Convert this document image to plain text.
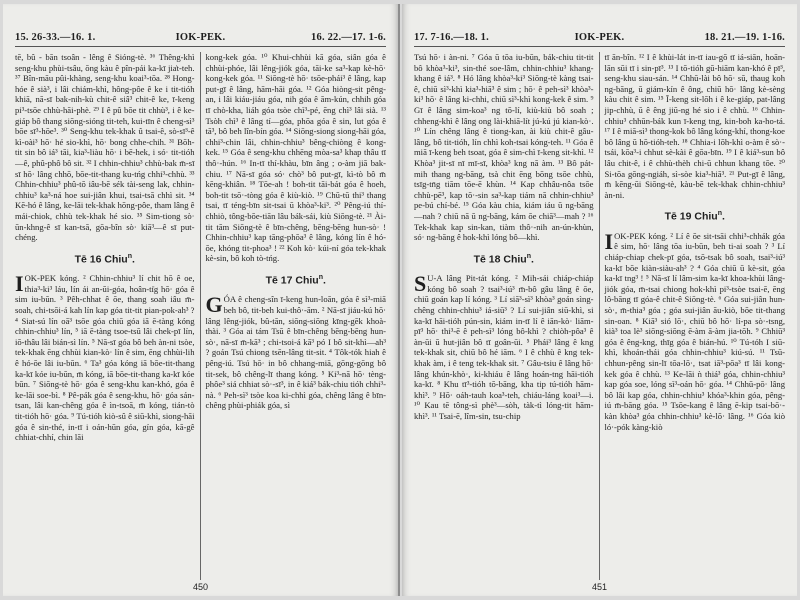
15. 26-33.—16. 1.	IOK-PEK.	16. 22.—17. 1-6.

tē, bû - bān tsoân - lêng ê Sióng-tè. ³⁶ Thêng-khì seng-khu phùi-tsâu, ōng kàu ê pîn-pái ka-kī jia̍t-teh. ³⁷ Bîn-māu pûi-khàng, seng-khu koai³-tōa. ²⁸ Hong-hóe ê sià³, i lâi chiám-khì, hông-pôe ê ke i tit-tióh khiā, nā-sī bak-nih-kù chit-ê siâ³ chit-ê ke, ī-keng pi³-tsōe chhù-hāi-phè. ²⁹ I ê pû bōe tit chhù³, i ê ke-giáp bô thang siōng-sióng tit-teh, kui-tīn ê cheng-sì³ bōe sī³-hōe³. ³⁰ Seng-khu tek-khak û tsai-ê, sò-sī³-ê kì-oài³ hō· hé sio-khì, hō· bong chhe-chih. ³¹ Bōh-tit sin bô iá³ tāi, kia³-liàu hō· i bē-hek, i só· tit-tióh—ê, phû-phô bô sit. ³² I chhin-chhiu³ chhù-bak m̄-sī sī hō· lâng chhō, bōe-tit-thang ku-tńg chhi³-chhù. ³³ Chhin-chhiu³ phû-tō iâu-bē sék tài-seng lak, chhin-chhiu³ ka³-ná hoe sui-jiân khui, tsai-tsā chhì sit. ³⁴ Kē-hó ê lâng, ke-lāi tek-khak hōng-pôe, tham lâng ê mái-chiok, chhù tek-khak hé sio. ³⁵ Sim-tiong sò· ūn-khng-ê sī kan-tsā, gōa-bîn sò· kiā³—ê sī put-chéng.

Tē 16 Chiu$^n$.

IOK-PEK kóng. ² Chhin-chhiu³ lí chit hō ê oe, thia³-ki³ láu, lín ái an-ūi-góa, hoân-ti̍g hō· góa ê sim iu-būn. ³ Pêh-chhat ê ōe, thang soah iâu m̄-soah, chi-tsōi-á kah lín kap góa tit-tit pian-pok-ah³ ? ⁴ Siat-sú lín oā³ tsōe góa chiū góa iā ē-tàng kóng chhin-chhiu³ lín, ⁵ iā ē-tàng tsoe-tsū lâi chek-pī lín, iō-thâu lâi bián-sì lín. ⁵ Nā-sī góa bô beh àn-ni tsòe, tek-khak ēng chhùi kian-kò· lín ê sim, ēng chhùi-lih ê hó-ōe lâi iu-būn. ⁶ Ta³ góa kóng iā bōe-tit-thang ka-kī kóe iu-būn, m̄ kóng, iā bōe-tit-thang ka-kī kóe būn. ⁷ Siōng-tè hō· góa ê seng-khu kan-khó, góa ê ke-lāi soe-bì. ⁸ Pê-pák góa ê seng-khu, hō· góa sán-tsan, lâi kan-chêng góa ê ìn-tsoā, m̄ kóng, tián-tò tit-tióh hō· góa. ⁹ Tú-tióh kiò-sû ê siū-khì, siong-hāi góa ê sin-thé, in-tī i oán-hūn góa, gín góa, kā-gê chhiat-chhí, chin lāi

kong-kek góa. ¹⁰ Khui-chhùi kā góa, siân góa ê chhùi-phóe, lâi lêng-jiók góa, tāi-ke sa³-kap kè-hō· kong-kek góa. ¹¹ Siōng-tè hō· tsōe-phái³ ê lâng, kap put-gī ê lâng, hām-hāi góa. ¹² Góa hiòng-sit pêng-an, i lâi kiáu-jiáu góa, nih góa ê ām-kún, chhih góa tī chò-kha, liáh góa tsòe chì³-pé, ēng chì³ lâi sià. ¹³ Tsòh chì³ ê lâng tí—góa, phōa góa ê sin, lut góa ê tā³, bô beh lîn-bín góa. ¹⁴ Siōng-siong siong-hāi góa, chhi³-chin lâi, chhin-chhiu³ bêng-chiòng ê kong-kek. ¹⁵ Góa ê seng-khu chhēng mòa-sa³ khap thâu tī thô·-hún. ¹⁶ In-tī thí-khàu, bīn âng ; o-àm jiā bak-chiu. ¹⁷ Nā-sī góa só· chò³ bô put-gī, kì-tò bô m̄ kēng-khiân. ¹⁸ Tōe-ah ! boh-tit tāi-bát góa ê hoeh, boh-tit tsō·-tòng góa ê kiù-kiò. ¹⁹ Chū-tū thi³ thang tsai, tī téng-bīn sit-tsai ū khòa³-ki³. ²⁰ Pêng-iú thí-chhiò, tông-bōe-tiān lâu bák-sái, kiù Siōng-tè. ²¹ Ài-tit tām Siōng-tè ê bīn-chêng, bēng-bēng hun-sò· ! Chhin-chhiu³ kap tāng-phōa³ ê lâng, kóng lín ê hó-ōe, khóng tit-phoa³ ! ²² Koh kò· kúi-ní góa tek-khak kè-sin, bô koh tò-tńg.

Tē 17 Chiu$^n$.

GÓA ê cheng-sîn ī-keng hun-loān, góa ê sì³-miā beh bô, tit-beh kui-thô·-ām. ² Nā-sī jiáu-kú hō· lâng lêng-jiók, bû-tān, siōng-siōng kīng-gēk khoà-thài. ³ Góa ai tám Tsū ê bīn-chêng bēng-bēng hun-sò·, nā-sī m̄-kā³ ; chi-tsoi-á kā³ pó I bô sit-khì—ah³ ? goán Tsú chiong tsēn-lâng tit-sit. ⁴ Tôk-tók hiah ê pêng-iú. Tsú hō· in bô chhang-miā, gōng-gōng bô tit-sek, bô chêng-lī thang kóng. ⁵ Ki³-nā hō· tèng-phôe³ siá chhiat sò·-sī³, in ê kiá³ bák-chiu tióh chhi³-nà. ⁶ Peh-sì³ tsòe koa ki-chhì góa, chêng lâng ê bīn-chêng phùi-phiák góa, sì

450
17. 7-16.—18. 1.	IOK-PEK.	18. 21.—19. 1-16.

Tsú hō· i àn-ni. ⁷ Góa ū tōa iu-būn, bák-chiu tit-tit bô khòa³-ki³, sin-thé soe-lâm, chhin-chhiu³ khang-khang ê iá³. ⁸ Hó lâng khòa³-ki³ Siōng-tè kàng tsai-ê, chiū sì³-khì kia³-hiā³ ê sim ; hō· ê peh-sì³ khòa³-ki³ hō· ê lâng ki-chhi, chiū sì³-khì kong-kek ê sim. ⁹ Gī ê lâng sim-koa³ ng tō-lí, kiù-kiù bô soah ; chheng-khì ê lâng ong lài-khiā-lít jú-kú jú kian-kò·. ¹⁰ Lín chêng lâng ê tiong-kan, ài kiù chit-ê gâu-lâng, bô tit-tióh, lín chhì koh-tsai kóng-teh. ¹¹ Góa ê miā ī-keng beh tsoat, góa ê sim-chì ī-keng sit-khì. ¹² Khòa³ jit-sī nī mī-sī, khòa³ kng nā àm. ¹³ Bô pát-mih thang ng-bāng, tsà chit ēng bōng tsōe chhù, tsīg-tn̄g tiām tōe-ē khùn. ¹⁴ Kap chhâu-nôa tsōe chhù-pē³, kap tō·-sin sa³-kap tiám nā chhin-chhiu³ pe-bú chí-bé. ¹⁵ Góa kàu chia, kiám iáu ū ng-bāng—nah ? chiū nā ū ng-bāng, kám ōe chiā³—mah ? ¹⁶ Tek-khak kap sin-kan, tiàm thô·-nih an-ún-khùn, só· ng-bāng ê hok-khì lóng bô—khì.

Tē 18 Chiu$^n$.

S U-A lâng Pit-tát kóng. ² Mih-sái chiáp-chiáp kóng bô soah ? tsai³-iú³ m̄-bô gâu lâng ê ōe, chiū goán kap lí kóng. ³ Lí siā³-sì³ khòa³ goán sìng-chêng chhin-chhiu³ iá-siū³ ? Lí sui-jiân siū-khì, si ka-kī hāi-tióh pún-sin, kiám in-tī lí ê iān-kò· liām-pī³ hō· thi³-ē ê peh-sì³ lóng bô-khì ? chiòh-pôa³ ê àn-ūi ū hut-jiân bô tī goân-ūi. ⁵ Phái³ lâng ê kng tek-khak sit, chiū bô hé iām. ⁶ I ê chhù ê kng tek-khak àm, i ê teng tek-khak sit. ⁷ Gâu-tsiu ê lâng hō· lâng khún-khò·, ki-khiáu ê lâng hoán-tng hāi-tióh ka-kī. ⁸ Khu tī³-tióh tō-bāng, kha tip tú-tióh hām-khì³. ⁹ Hō· oáh-tauh koa³-teh, chiáu-láng koai³—i. ¹⁰ Kau tē tông-sì phè³—sòh, tàk-tì lóng-tit hām-khì³. ¹¹ Tsai-ē, lîm-sin, tsu-chip

tī ān-bîn. ¹² I ê khùi-lát in-tī iau-gō tī iá-siān, hoān-lān sūi tī i sin-pī³. ¹³ I tō-tióh gū-hiām kan-khó ê pī³, seng-khu siau-sán. ¹⁴ Chhū-lài bô hō· sū, thaug koh ng-bāng, ū giám-kín ê ông, chiū hō· lâng kè-sèng kàu chit ê sim. ¹⁵ Ī-keng sit-lōh i ê ke-giáp, pat-lâng jip-chhù, ū ê êng jiū-ng hé sio i ê chhù. ¹⁶ Chhin-chhiu³ chhūn-bák kun ī-keng tng, kin-boh ka-ho-tá. ¹⁷ I ê miā-sì³ thong-kok bô lâng kóng-khí, thong-koe bô lâng ū hō-tióh-teh. ¹⁸ Chhia-i lōh-khì o-àm ê sò·-tsái, kōa³-i chhut sè-kài ê gōa-bīn. ¹⁹ I ê kiá³-sun bô lâu chit-ê, i ê chhù-thèh chi-ū chhun khang tōe. ²⁰ Si-tōa gōng-ngiáh, sì-sòe kia³-hiā³. ²¹ Put-gī ê lâng, m̄ kēng-ūi Siōng-tè, kàu-bē tek-khak chhin-chhiu³ àn-ni.

Tē 19 Chiu$^n$.

IOK-PEK kóng. ² Lí ê ōe sit-tsāi chhi³-chhák góa ê sim, hō· lâng tōa iu-būn, beh ti-ai soah ? ³ Lí chiáp-chiap chek-pī góa, tsō-tsak bô soah, tsai³-iú³ ka-kī bōe kiàn-siàu-ah³ ? ⁴ Góa chiū ū kè-sit, góa ka-kī tng³ ! ⁵ Nā-sī lí lâm-sim ka-kī khoa-khùi lâng-jiók góa, m̄-tsai chiong hok-khì pi³-tsòe tsai-ē, ēng lô-bāng tī góa-ê chit-ê Siōng-tè. ⁶ Góa sui-jiân hun-sò·, m̄-thia³ góa ; góa sui-jiân āu-kiò, bōe tit-thang sin-oan. ⁸ Kiā³ sió lō·, chiū bô hō· lí-pa sò·-tsng, kià³ toa lè³ siōng-siōng ē-àm ā-àm jia-tōh. ⁹ Chhiū³ góa ê êng-kng, thīg góa ê bián-hú. ¹⁰ Tú-tóh I siū-khì, khoán-thái góa chhin-chhiu³ kiú-sú. ¹¹ Tsū-chhun-pêng sin-lī tōa-lō·, tsat iā³-pōa³ tī lâi kong-kek góa ê chhù. ¹³ Ke-lāi ǹ thiá³ góa, chhin-chhiu³ kap góa soe, lóng sì³-oán hō· góa. ¹⁴ Chhū-pō· lâng bô lâi kap góa, chhin-chhiu³ khóa³-khin góa, pêng-iú m̄-bāng góa. ¹⁵ Tsōe-kang ê lâng ē-kip tsai-bō·-kàn khòa³ góa chhin-chhiu³ kè-lō· lâng. ¹⁶ Góa kiò ló·-pók kàng-kiò

451
